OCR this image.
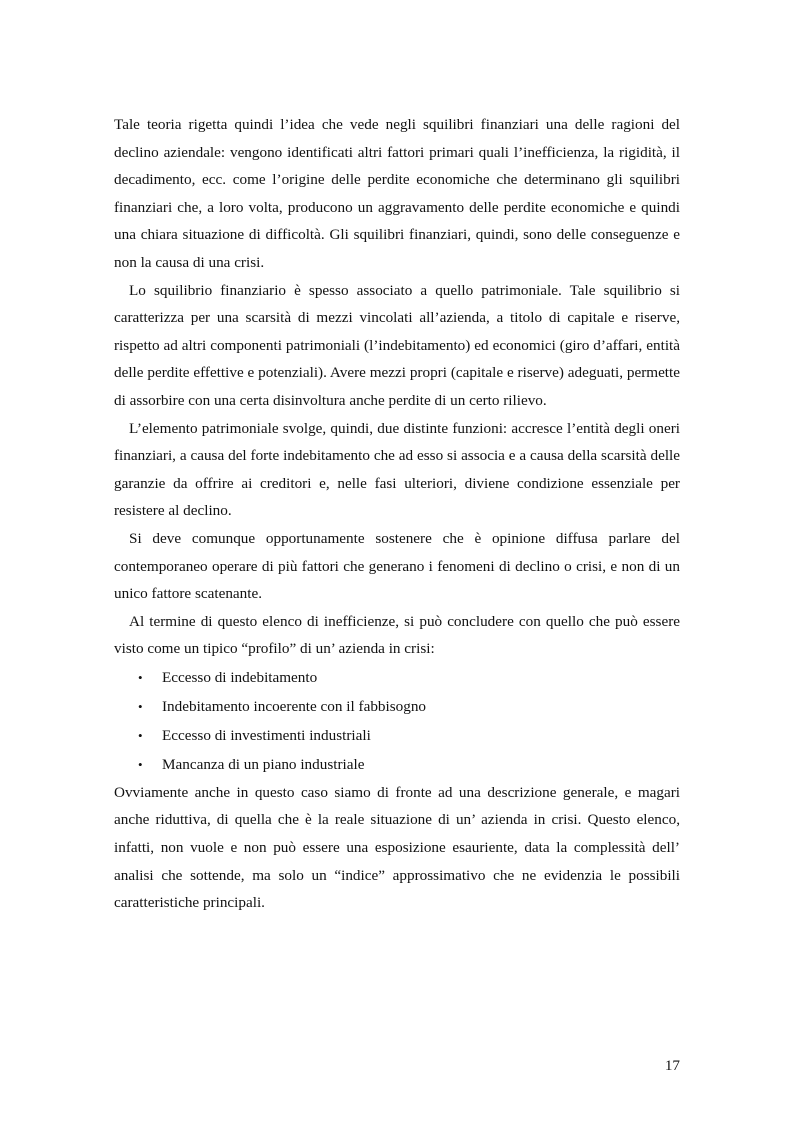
Tale teoria rigetta quindi l’idea che vede negli squilibri finanziari una delle ragioni del declino aziendale: vengono identificati altri fattori primari quali l’inefficienza, la rigidità, il decadimento, ecc. come l’origine delle perdite economiche che determinano gli squilibri finanziari che, a loro volta, producono un aggravamento delle perdite economiche e quindi una chiara situazione di difficoltà. Gli squilibri finanziari, quindi, sono delle conseguenze e non la causa di una crisi.

Lo squilibrio finanziario è spesso associato a quello patrimoniale. Tale squilibrio si caratterizza per una scarsità di mezzi vincolati all’azienda, a titolo di capitale e riserve, rispetto ad altri componenti patrimoniali (l’indebitamento) ed economici (giro d’affari, entità delle perdite effettive e potenziali). Avere mezzi propri (capitale e riserve) adeguati, permette di assorbire con una certa disinvoltura anche perdite di un certo rilievo.

L’elemento patrimoniale svolge, quindi, due distinte funzioni: accresce l’entità degli oneri finanziari, a causa del forte indebitamento che ad esso si associa e a causa della scarsità delle garanzie da offrire ai creditori e, nelle fasi ulteriori, diviene condizione essenziale per resistere al declino.

Si deve comunque opportunamente sostenere che è opinione diffusa parlare del contemporaneo operare di più fattori che generano i fenomeni di declino o crisi, e non di un unico fattore scatenante.

Al termine di questo elenco di inefficienze, si può concludere con quello che può essere visto come un tipico “profilo” di un’ azienda in crisi:

• Eccesso di indebitamento
• Indebitamento incoerente con il fabbisogno
• Eccesso di investimenti industriali
• Mancanza di un piano industriale

Ovviamente anche in questo caso siamo di fronte ad una descrizione generale, e magari anche riduttiva, di quella che è la reale situazione di un’ azienda in crisi. Questo elenco, infatti, non vuole e non può essere una esposizione esauriente, data la complessità dell’ analisi che sottende, ma solo un “indice” approssimativo che ne evidenzia le possibili caratteristiche principali.

17
